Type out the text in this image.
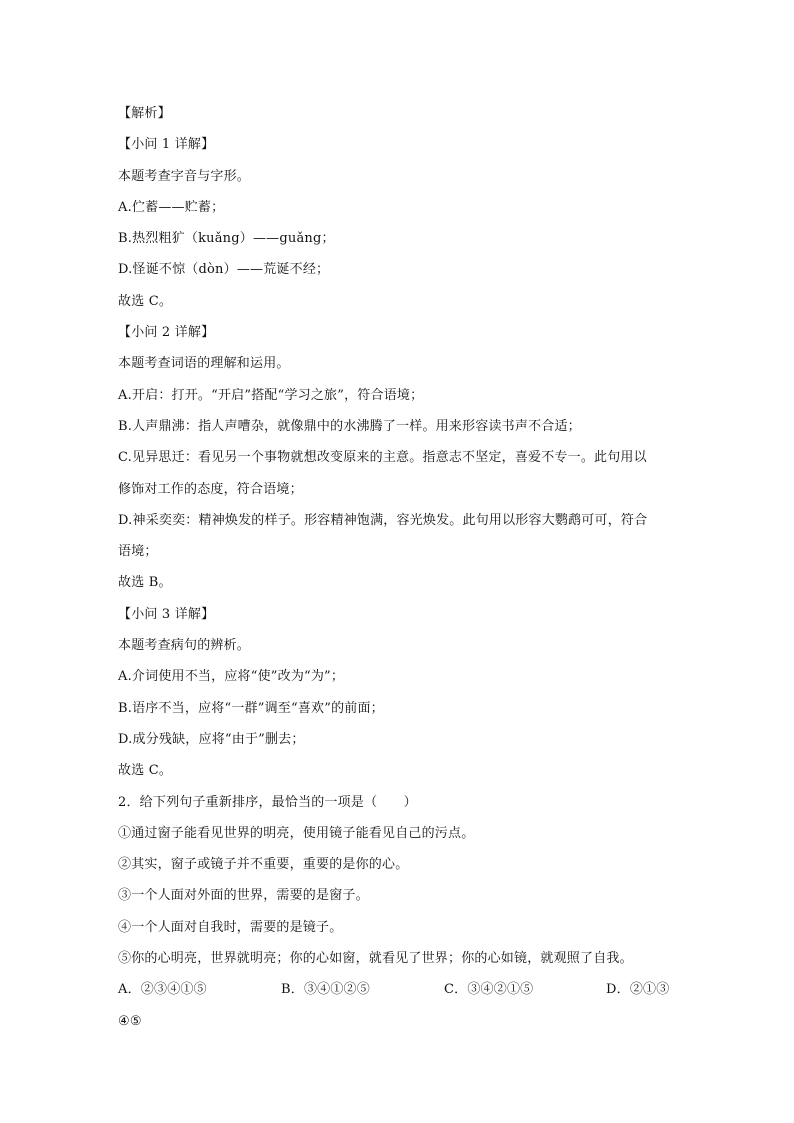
【解析】
【小问 1 详解】
本题考查字音与字形。
A.伫蓄——贮蓄；
B.热烈粗犷（kuǎng）——guǎng；
D.怪诞不惊（dòn）——荒诞不经；
故选 C。
【小问 2 详解】
本题考查词语的理解和运用。
A.开启：打开。“开启”搭配“学习之旅”，符合语境；
B.人声鼎沸：指人声嘈杂，就像鼎中的水沸腾了一样。用来形容读书声不合适；
C.见异思迁：看见另一个事物就想改变原来的主意。指意志不坚定，喜爱不专一。此句用以
修饰对工作的态度，符合语境；
D.神采奕奕：精神焕发的样子。形容精神饱满，容光焕发。此句用以形容大鹦鹉可可，符合
语境；
故选 B。
【小问 3 详解】
本题考查病句的辨析。
A.介词使用不当，应将“使”改为“为”；
B.语序不当，应将“一群”调至“喜欢”的前面；
D.成分残缺，应将“由于”删去；
故选 C。
2．给下列句子重新排序，最恰当的一项是（　　）
①通过窗子能看见世界的明亮，使用镜子能看见自己的污点。
②其实，窗子或镜子并不重要，重要的是你的心。
③一个人面对外面的世界，需要的是窗子。
④一个人面对自我时，需要的是镜子。
⑤你的心明亮，世界就明亮；你的心如窗，就看见了世界；你的心如镜，就观照了自我。
A．②③④①⑤	B．③④①②⑤	C．③④②①⑤	D．②①③
④⑤
